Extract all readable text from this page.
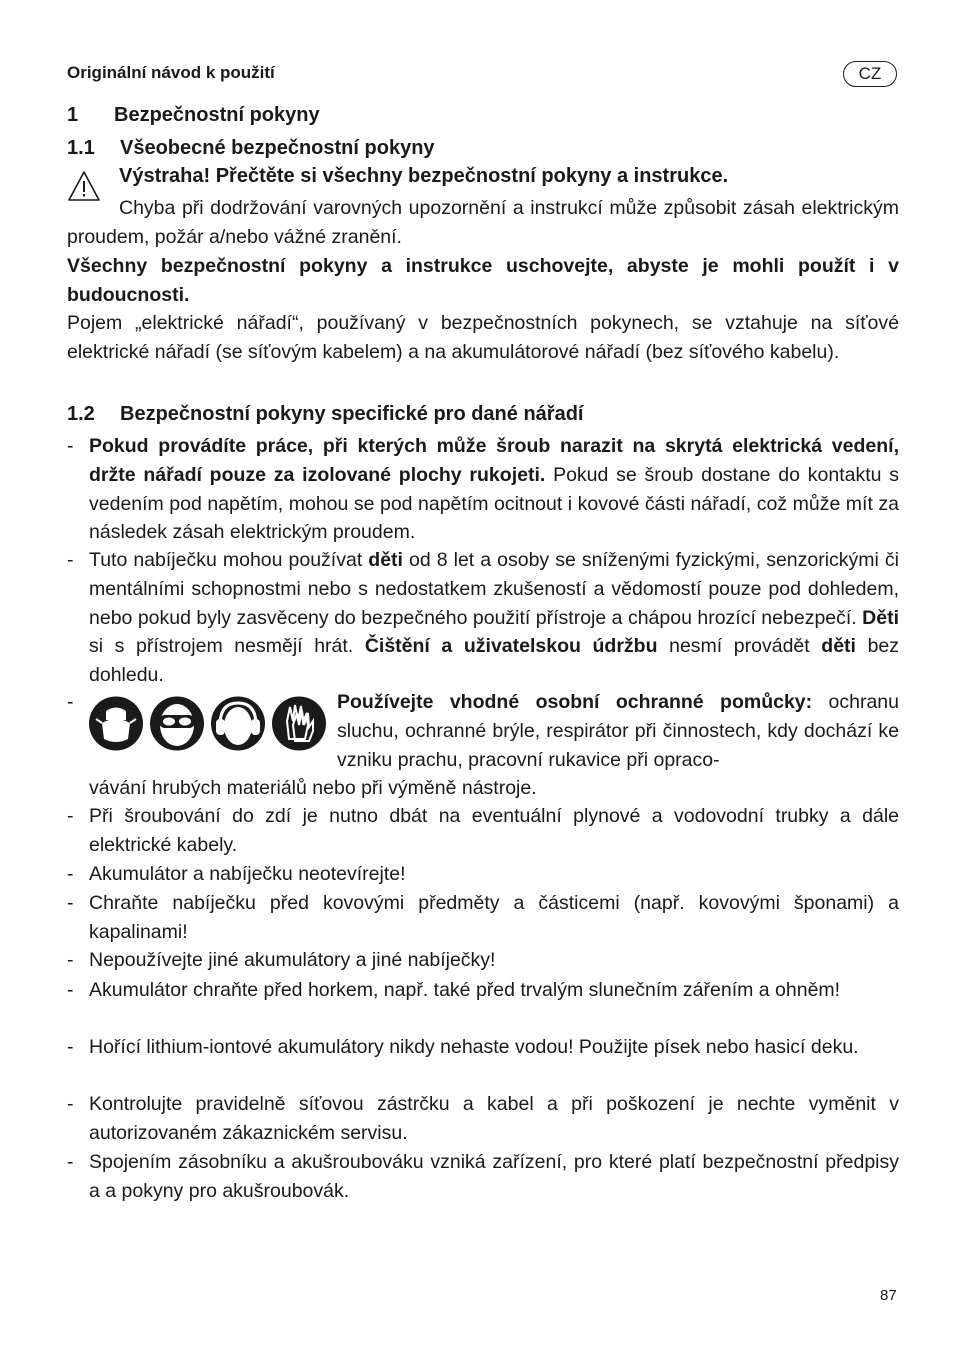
Originální návod k použití	CZ
1 Bezpečnostní pokyny
1.1 Všeobecné bezpečnostní pokyny
Výstraha! Přečtěte si všechny bezpečnostní pokyny a instrukce.
Chyba při dodržování varovných upozornění a instrukcí může způsobit zásah elektrickým proudem, požár a/nebo vážné zranění.
Všechny bezpečnostní pokyny a instrukce uschovejte, abyste je mohli použít i v budoucnosti.
Pojem „elektrické nářadí“, používaný v bezpečnostních pokynech, se vztahuje na síťové elektrické nářadí (se síťovým kabelem) a na akumulátorové nářadí (bez síťového kabelu).
1.2 Bezpečnostní pokyny specifické pro dané nářadí
- Pokud provádíte práce, při kterých může šroub narazit na skrytá elektrická vedení, držte nářadí pouze za izolované plochy rukojeti. Pokud se šroub dostane do kontaktu s vedením pod napětím, mohou se pod napětím ocitnout i kovové části nářadí, což může mít za následek zásah elektrickým proudem.
- Tuto nabíječku mohou používat děti od 8 let a osoby se sníženými fyzickými, senzorickými či mentálními schopnostmi nebo s nedostatkem zkušeností a vědomostí pouze pod dohledem, nebo pokud byly zasvěceny do bezpečného použití přístroje a chápou hrozící nebezpečí. Děti si s přístrojem nesmějí hrát. Čištění a uživatelskou údržbu nesmí provádět děti bez dohledu.
-	Používejte vhodné osobní ochranné pomůcky: ochranu sluchu, ochranné brýle, respirátor při činnostech, kdy dochází ke vzniku prachu, pracovní rukavice při opraco-
vávání hrubých materiálů nebo při výměně nástroje.
- Při šroubování do zdí je nutno dbát na eventuální plynové a vodovodní trubky a dále elektrické kabely.
- Akumulátor a nabíječku neotevírejte!
- Chraňte nabíječku před kovovými předměty a částicemi (např. kovovými šponami) a kapalinami!
- Nepoužívejte jiné akumulátory a jiné nabíječky!
- Akumulátor chraňte před horkem, např. také před trvalým slunečním zářením a ohněm!
- Hořící lithium-iontové akumulátory nikdy nehaste vodou! Použijte písek nebo hasicí deku.
- Kontrolujte pravidelně síťovou zástrčku a kabel a při poškození je nechte vyměnit v autorizovaném zákaznickém servisu.
- Spojením zásobníku a akušroubováku vzniká zařízení, pro které platí bezpečnostní předpisy a a pokyny pro akušroubovák.
87
